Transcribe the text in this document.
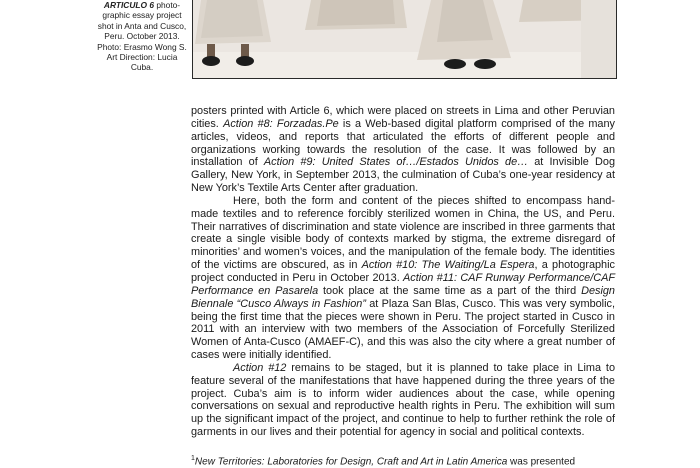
ARTICULO 6 photo-graphic essay project shot in Anta and Cusco, Peru. October 2013. Photo: Erasmo Wong S. Art Direction: Lucia Cuba.

posters printed with Article 6, which were placed on streets in Lima and other Peruvian cities. Action #8: Forzadas.Pe is a Web-based digital platform comprised of the many articles, videos, and reports that articulated the efforts of different people and organizations working towards the resolution of the case. It was followed by an installation of Action #9: United States of…/Estados Unidos de… at Invisible Dog Gallery, New York, in September 2013, the culmination of Cuba’s one-year residency at New York’s Textile Arts Center after graduation.

Here, both the form and content of the pieces shifted to encompass hand-made textiles and to reference forcibly sterilized women in China, the US, and Peru. Their narratives of discrimination and state violence are inscribed in three garments that create a single visible body of contexts marked by stigma, the extreme disregard of minorities’ and women’s voices, and the manipulation of the female body. The identities of the victims are obscured, as in Action #10: The Waiting/La Espera, a photographic project conducted in Peru in October 2013. Action #11: CAF Runway Performance/CAF Performance en Pasarela took place at the same time as a part of the third Design Biennale “Cusco Always in Fashion” at Plaza San Blas, Cusco. This was very symbolic, being the first time that the pieces were shown in Peru. The project started in Cusco in 2011 with an interview with two members of the Association of Forcefully Sterilized Women of Anta-Cusco (AMAEF-C), and this was also the city where a great number of cases were initially identified.

Action #12 remains to be staged, but it is planned to take place in Lima to feature several of the manifestations that have happened during the three years of the project. Cuba’s aim is to inform wider audiences about the case, while opening conversations on sexual and reproductive health rights in Peru. The exhibition will sum up the significant impact of the project, and continue to help to further rethink the role of garments in our lives and their potential for agency in social and political contexts.

$^1$New Territories: Laboratories for Design, Craft and Art in Latin America was presented
